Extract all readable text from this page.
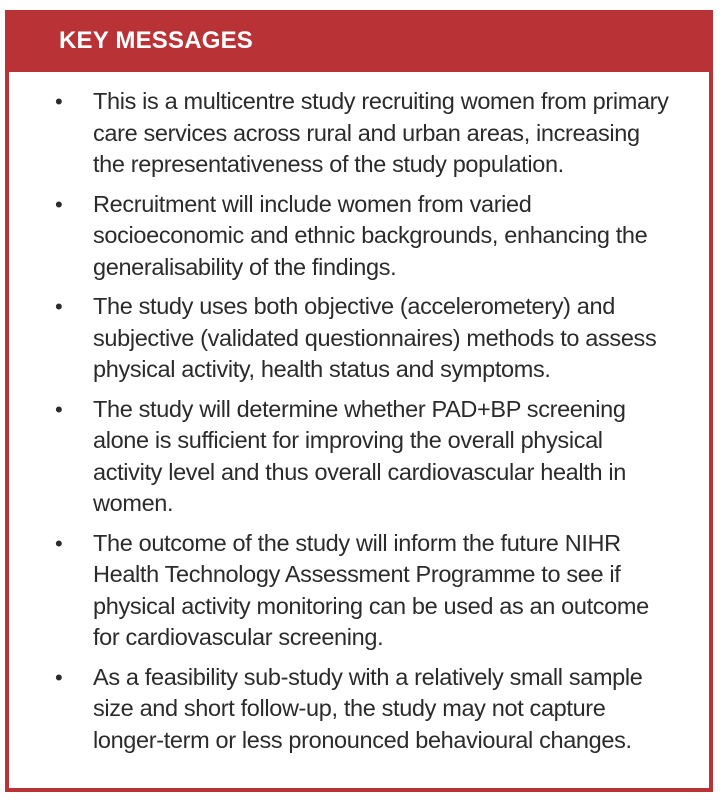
KEY MESSAGES
• This is a multicentre study recruiting women from primary care services across rural and urban areas, increasing the representativeness of the study population.
• Recruitment will include women from varied socioeconomic and ethnic backgrounds, enhancing the generalisability of the findings.
• The study uses both objective (accelerometery) and subjective (validated questionnaires) methods to assess physical activity, health status and symptoms.
• The study will determine whether PAD+BP screening alone is sufficient for improving the overall physical activity level and thus overall cardiovascular health in women.
• The outcome of the study will inform the future NIHR Health Technology Assessment Programme to see if physical activity monitoring can be used as an outcome for cardiovascular screening.
• As a feasibility sub-study with a relatively small sample size and short follow-up, the study may not capture longer-term or less pronounced behavioural changes.
